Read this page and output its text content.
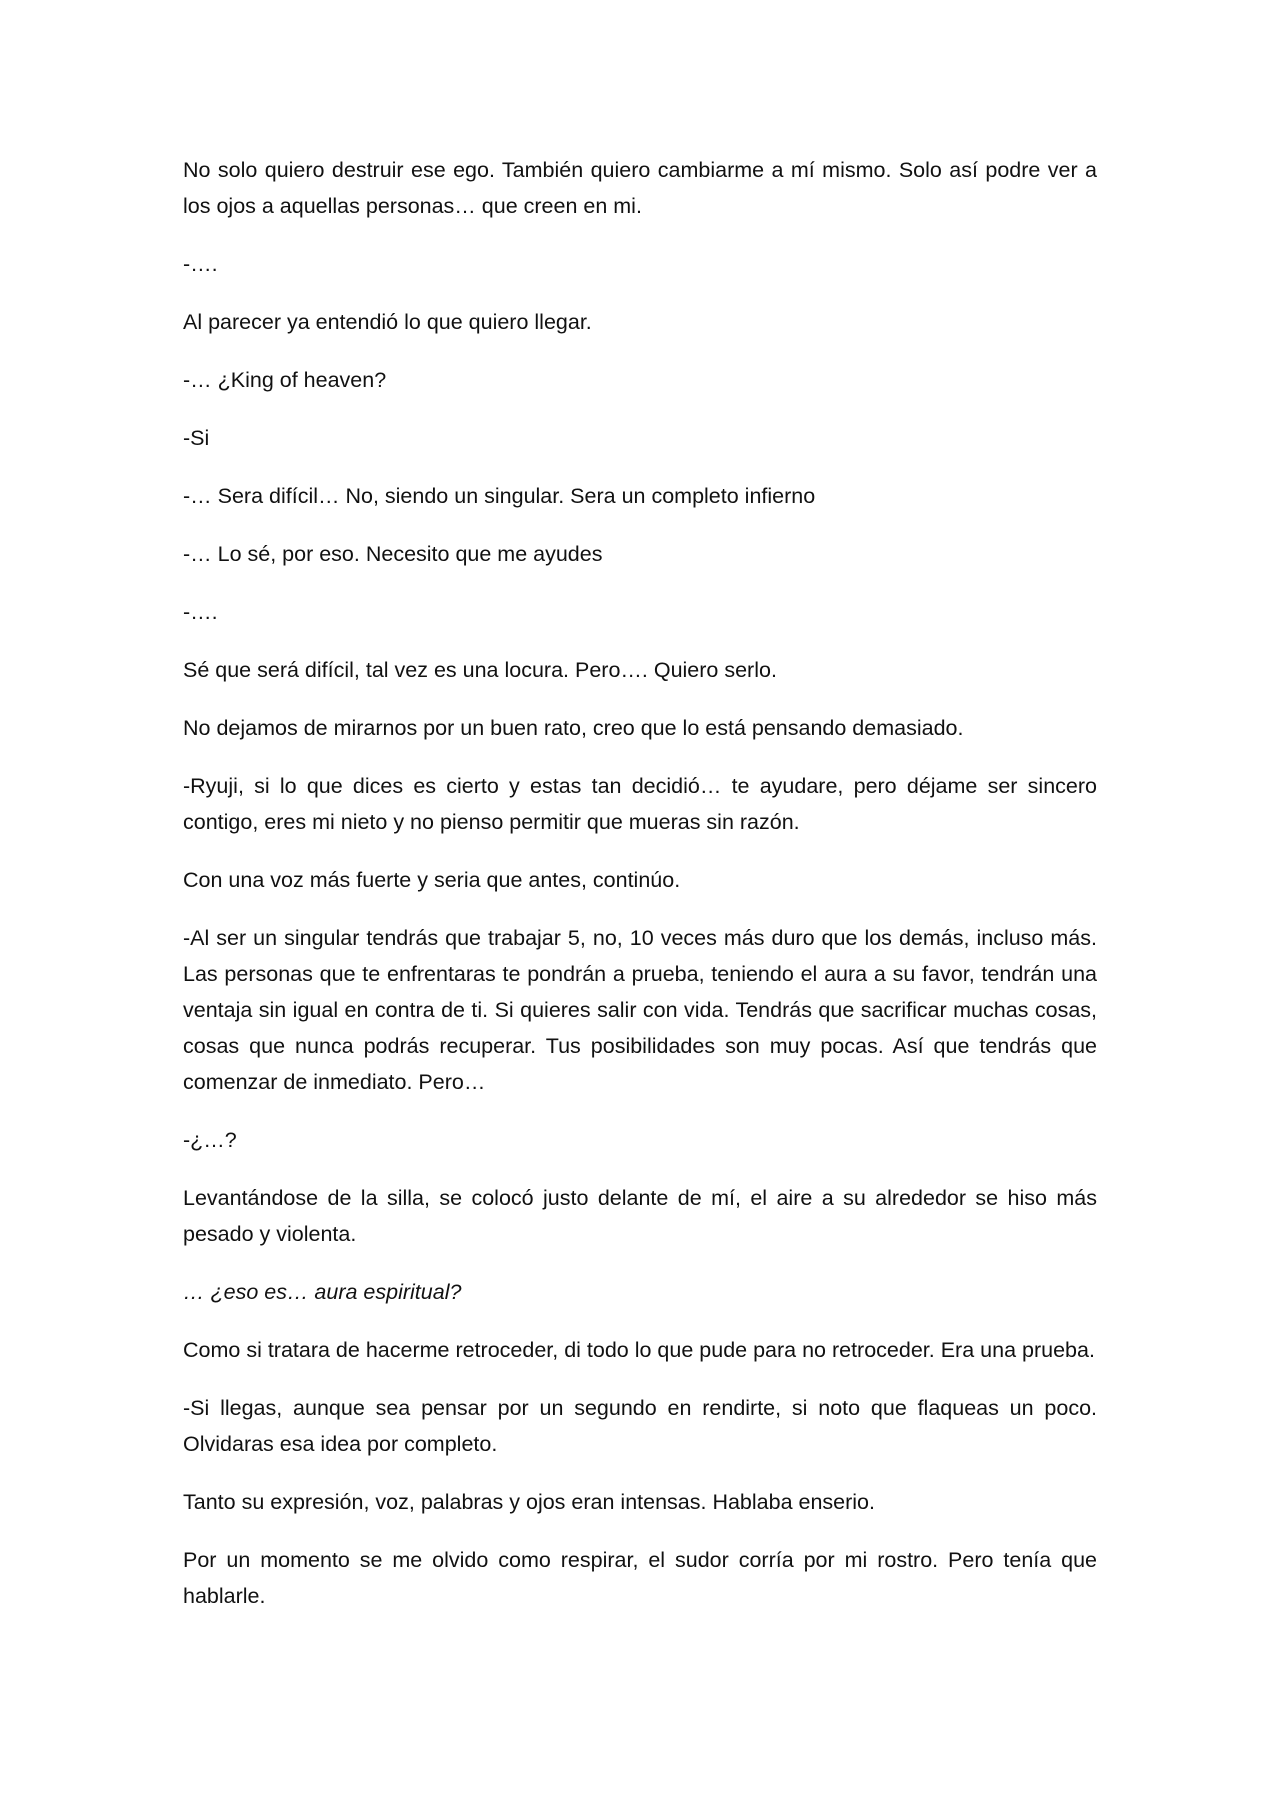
No solo quiero destruir ese ego. También quiero cambiarme a mí mismo. Solo así podre ver a los ojos a aquellas personas… que creen en mi.

-….

Al parecer ya entendió lo que quiero llegar.

-… ¿King of heaven?

-Si

-… Sera difícil… No, siendo un singular. Sera un completo infierno

-… Lo sé, por eso. Necesito que me ayudes

-….

Sé que será difícil, tal vez es una locura. Pero…. Quiero serlo.

No dejamos de mirarnos por un buen rato, creo que lo está pensando demasiado.

-Ryuji, si lo que dices es cierto y estas tan decidió… te ayudare, pero déjame ser sincero contigo, eres mi nieto y no pienso permitir que mueras sin razón.

Con una voz más fuerte y seria que antes, continúo.

-Al ser un singular tendrás que trabajar 5, no, 10 veces más duro que los demás, incluso más. Las personas que te enfrentaras te pondrán a prueba, teniendo el aura a su favor, tendrán una ventaja sin igual en contra de ti. Si quieres salir con vida. Tendrás que sacrificar muchas cosas, cosas que nunca podrás recuperar. Tus posibilidades son muy pocas. Así que tendrás que comenzar de inmediato. Pero…

-¿…?

Levantándose de la silla, se colocó justo delante de mí, el aire a su alrededor se hiso más pesado y violenta.

… ¿eso es… aura espiritual?

Como si tratara de hacerme retroceder, di todo lo que pude para no retroceder. Era una prueba.

-Si llegas, aunque sea pensar por un segundo en rendirte, si noto que flaqueas un poco. Olvidaras esa idea por completo.

Tanto su expresión, voz, palabras y ojos eran intensas. Hablaba enserio.

Por un momento se me olvido como respirar, el sudor corría por mi rostro. Pero tenía que hablarle.
